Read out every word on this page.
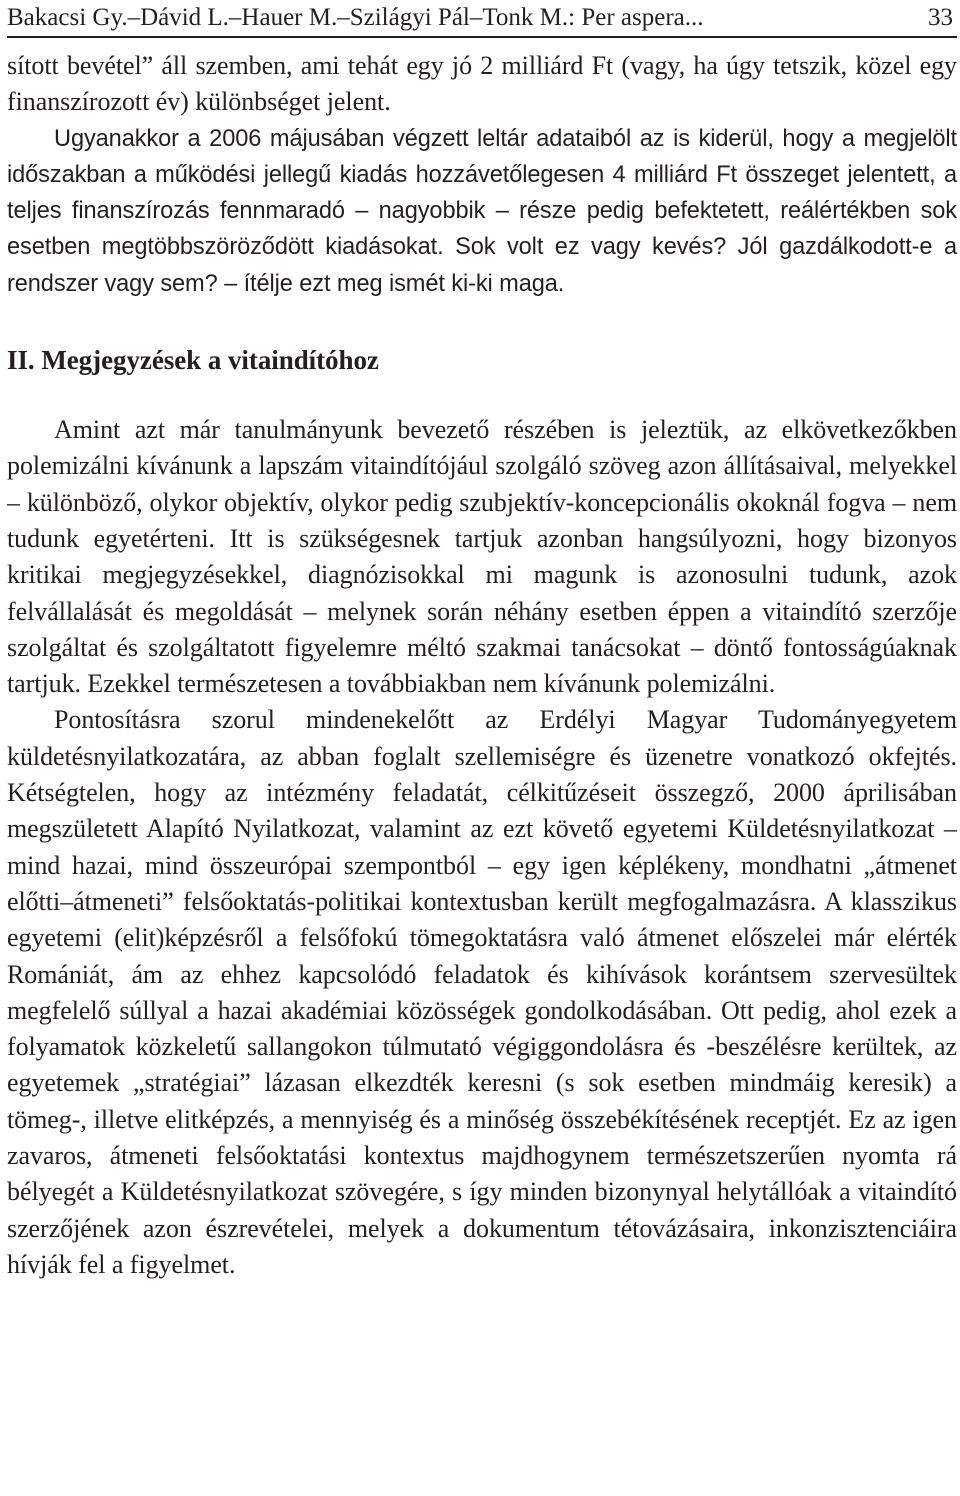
Bakacsi Gy.–Dávid L.–Hauer M.–Szilágyi Pál–Tonk M.: Per aspera...	33

sított bevétel” áll szemben, ami tehát egy jó 2 milliárd Ft (vagy, ha úgy tetszik, közel egy finanszírozott év) különbséget jelent.

Ugyanakkor a 2006 májusában végzett leltár adataiból az is kiderül, hogy a megjelölt időszakban a működési jellegű kiadás hozzávetőlegesen 4 milliárd Ft összeget jelentett, a teljes finanszírozás fennmaradó – nagyobbik – része pedig befektetett, reálértékben sok esetben megtöbbszöröződött kiadásokat. Sok volt ez vagy kevés? Jól gazdálkodott-e a rendszer vagy sem? – ítélje ezt meg ismét ki-ki maga.

II. Megjegyzések a vitaindítóhoz

Amint azt már tanulmányunk bevezető részében is jeleztük, az elkövetkezőkben polemizálni kívánunk a lapszám vitaindítójául szolgáló szöveg azon állításaival, melyekkel – különböző, olykor objektív, olykor pedig szubjektív-koncepcionális okoknál fogva – nem tudunk egyetérteni. Itt is szükségesnek tartjuk azonban hangsúlyozni, hogy bizonyos kritikai megjegyzésekkel, diagnózisokkal mi magunk is azonosulni tudunk, azok felvállalását és megoldását – melynek során néhány esetben éppen a vitaindító szerzője szolgáltat és szolgáltatott figyelemre méltó szakmai tanácsokat – döntő fontosságúaknak tartjuk. Ezekkel természetesen a továbbiakban nem kívánunk polemizálni.

Pontosításra szorul mindenekelőtt az Erdélyi Magyar Tudományegyetem küldetésnyilatkozatára, az abban foglalt szellemiségre és üzenetre vonatkozó okfejtés. Kétségtelen, hogy az intézmény feladatát, célkitűzéseit összegző, 2000 áprilisában megszületett Alapító Nyilatkozat, valamint az ezt követő egyetemi Küldetésnyilatkozat – mind hazai, mind összeurópai szempontból – egy igen képlékeny, mondhatni „átmenet előtti–átmeneti” felsőoktatás-politikai kontextusban került megfogalmazásra. A klasszikus egyetemi (elit)képzésről a felsőfokú tömegoktatásra való átmenet előszelei már elérték Romániát, ám az ehhez kapcsolódó feladatok és kihívások korántsem szervesültek megfelelő súllyal a hazai akadémiai közösségek gondolkodásában. Ott pedig, ahol ezek a folyamatok közkeletű sallangokon túlmutató végiggondolásra és -beszélésre kerültek, az egyetemek „stratégiai” lázasan elkezdték keresni (s sok esetben mindmáig keresik) a tömeg-, illetve elitképzés, a mennyiség és a minőség összebékítésének receptjét. Ez az igen zavaros, átmeneti felsőoktatási kontextus majdhogynem természetszerűen nyomta rá bélyegét a Küldetésnyilatkozat szövegére, s így minden bizonynyal helytállóak a vitaindító szerzőjének azon észrevételei, melyek a dokumentum tétovázásaira, inkonzisztenciáira hívják fel a figyelmet.
